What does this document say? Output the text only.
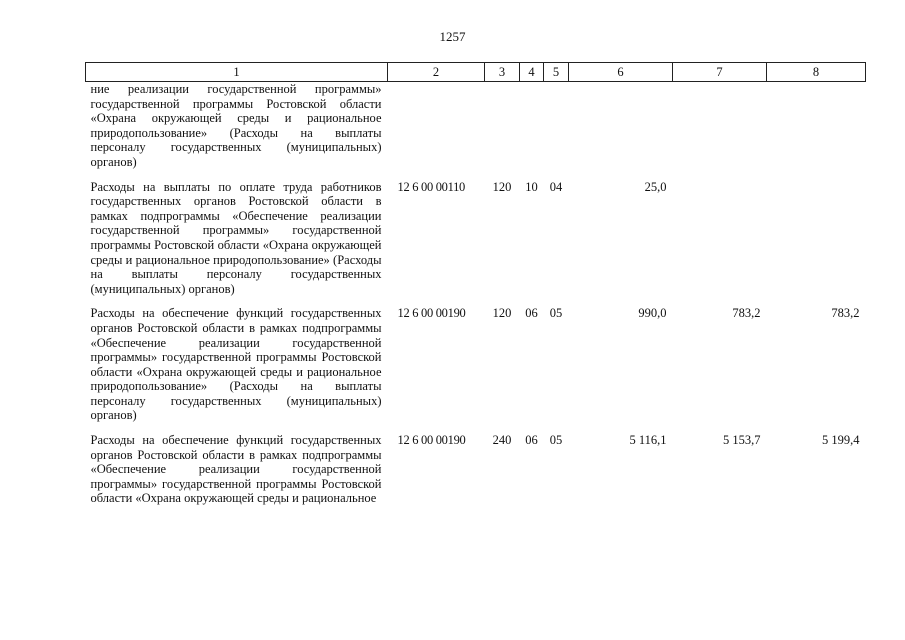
1257
1	2	3	4	5	6	7	8
ние реализации государственной программы» государственной программы Ростовской области «Охрана окружающей среды и рациональное природопользование» (Расходы на выплаты персоналу государственных (муниципальных) органов)							
Расходы на выплаты по оплате труда работников государственных органов Ростовской области в рамках подпрограммы «Обеспечение реализации государственной программы» государственной программы Ростовской области «Охрана окружающей среды и рациональное природопользование» (Расходы на выплаты персоналу государственных (муниципальных) органов)	12 6 00 00110	120	10	04	25,0		
Расходы на обеспечение функций государственных органов Ростовской области в рамках подпрограммы «Обеспечение реализации государственной программы» государственной программы Ростовской области «Охрана окружающей среды и рациональное природопользование» (Расходы на выплаты персоналу государственных (муниципальных) органов)	12 6 00 00190	120	06	05	990,0	783,2	783,2
Расходы на обеспечение функций государственных органов Ростовской области в рамках подпрограммы «Обеспечение реализации государственной программы» государственной программы Ростовской области «Охрана окружающей среды и рациональное	12 6 00 00190	240	06	05	5 116,1	5 153,7	5 199,4
